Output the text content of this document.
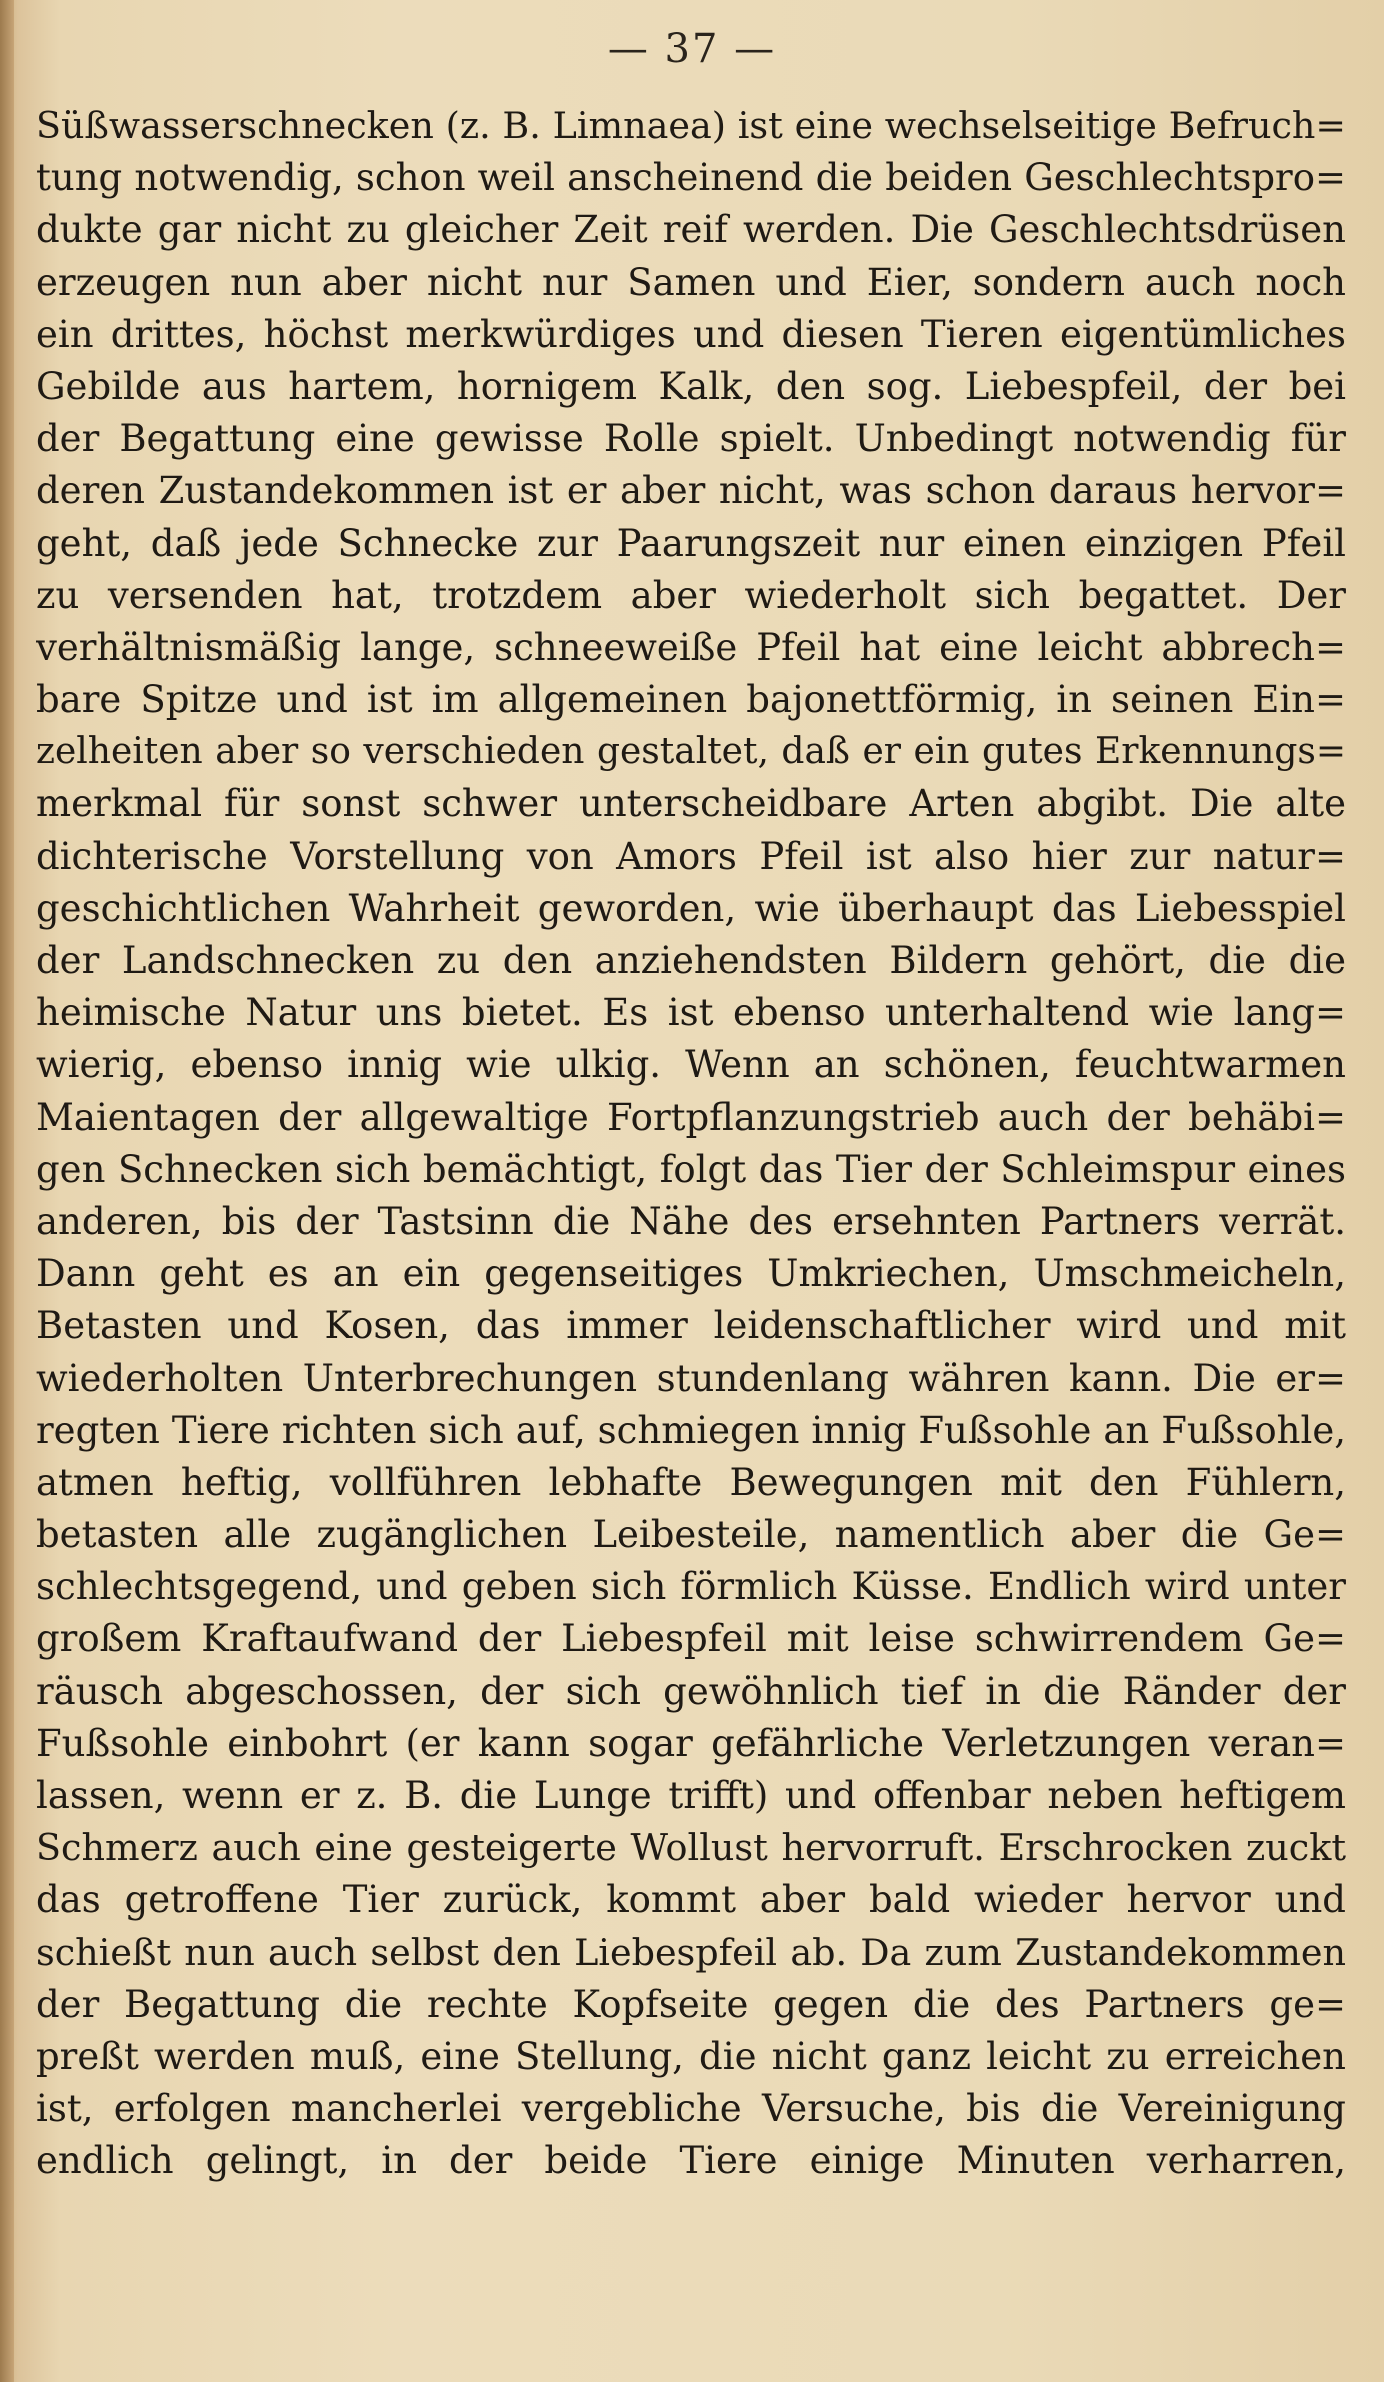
— 37 —
Süßwasserschnecken (z. B. Limnaea) ist eine wechselseitige Befruch=
tung notwendig, schon weil anscheinend die beiden Geschlechtspro=
dukte gar nicht zu gleicher Zeit reif werden. Die Geschlechtsdrüsen
erzeugen nun aber nicht nur Samen und Eier, sondern auch noch
ein drittes, höchst merkwürdiges und diesen Tieren eigentümliches
Gebilde aus hartem, hornigem Kalk, den sog. Liebespfeil, der bei
der Begattung eine gewisse Rolle spielt. Unbedingt notwendig für
deren Zustandekommen ist er aber nicht, was schon daraus hervor=
geht, daß jede Schnecke zur Paarungszeit nur einen einzigen Pfeil
zu versenden hat, trotzdem aber wiederholt sich begattet. Der
verhältnismäßig lange, schneeweiße Pfeil hat eine leicht abbrech=
bare Spitze und ist im allgemeinen bajonettförmig, in seinen Ein=
zelheiten aber so verschieden gestaltet, daß er ein gutes Erkennungs=
merkmal für sonst schwer unterscheidbare Arten abgibt. Die alte
dichterische Vorstellung von Amors Pfeil ist also hier zur natur=
geschichtlichen Wahrheit geworden, wie überhaupt das Liebesspiel
der Landschnecken zu den anziehendsten Bildern gehört, die die
heimische Natur uns bietet. Es ist ebenso unterhaltend wie lang=
wierig, ebenso innig wie ulkig. Wenn an schönen, feuchtwarmen
Maientagen der allgewaltige Fortpflanzungstrieb auch der behäbi=
gen Schnecken sich bemächtigt, folgt das Tier der Schleimspur eines
anderen, bis der Tastsinn die Nähe des ersehnten Partners verrät.
Dann geht es an ein gegenseitiges Umkriechen, Umschmeicheln,
Betasten und Kosen, das immer leidenschaftlicher wird und mit
wiederholten Unterbrechungen stundenlang währen kann. Die er=
regten Tiere richten sich auf, schmiegen innig Fußsohle an Fußsohle,
atmen heftig, vollführen lebhafte Bewegungen mit den Fühlern,
betasten alle zugänglichen Leibesteile, namentlich aber die Ge=
schlechtsgegend, und geben sich förmlich Küsse. Endlich wird unter
großem Kraftaufwand der Liebespfeil mit leise schwirrendem Ge=
räusch abgeschossen, der sich gewöhnlich tief in die Ränder der
Fußsohle einbohrt (er kann sogar gefährliche Verletzungen veran=
lassen, wenn er z. B. die Lunge trifft) und offenbar neben heftigem
Schmerz auch eine gesteigerte Wollust hervorruft. Erschrocken zuckt
das getroffene Tier zurück, kommt aber bald wieder hervor und
schießt nun auch selbst den Liebespfeil ab. Da zum Zustandekommen
der Begattung die rechte Kopfseite gegen die des Partners ge=
preßt werden muß, eine Stellung, die nicht ganz leicht zu erreichen
ist, erfolgen mancherlei vergebliche Versuche, bis die Vereinigung
endlich gelingt, in der beide Tiere einige Minuten verharren,
